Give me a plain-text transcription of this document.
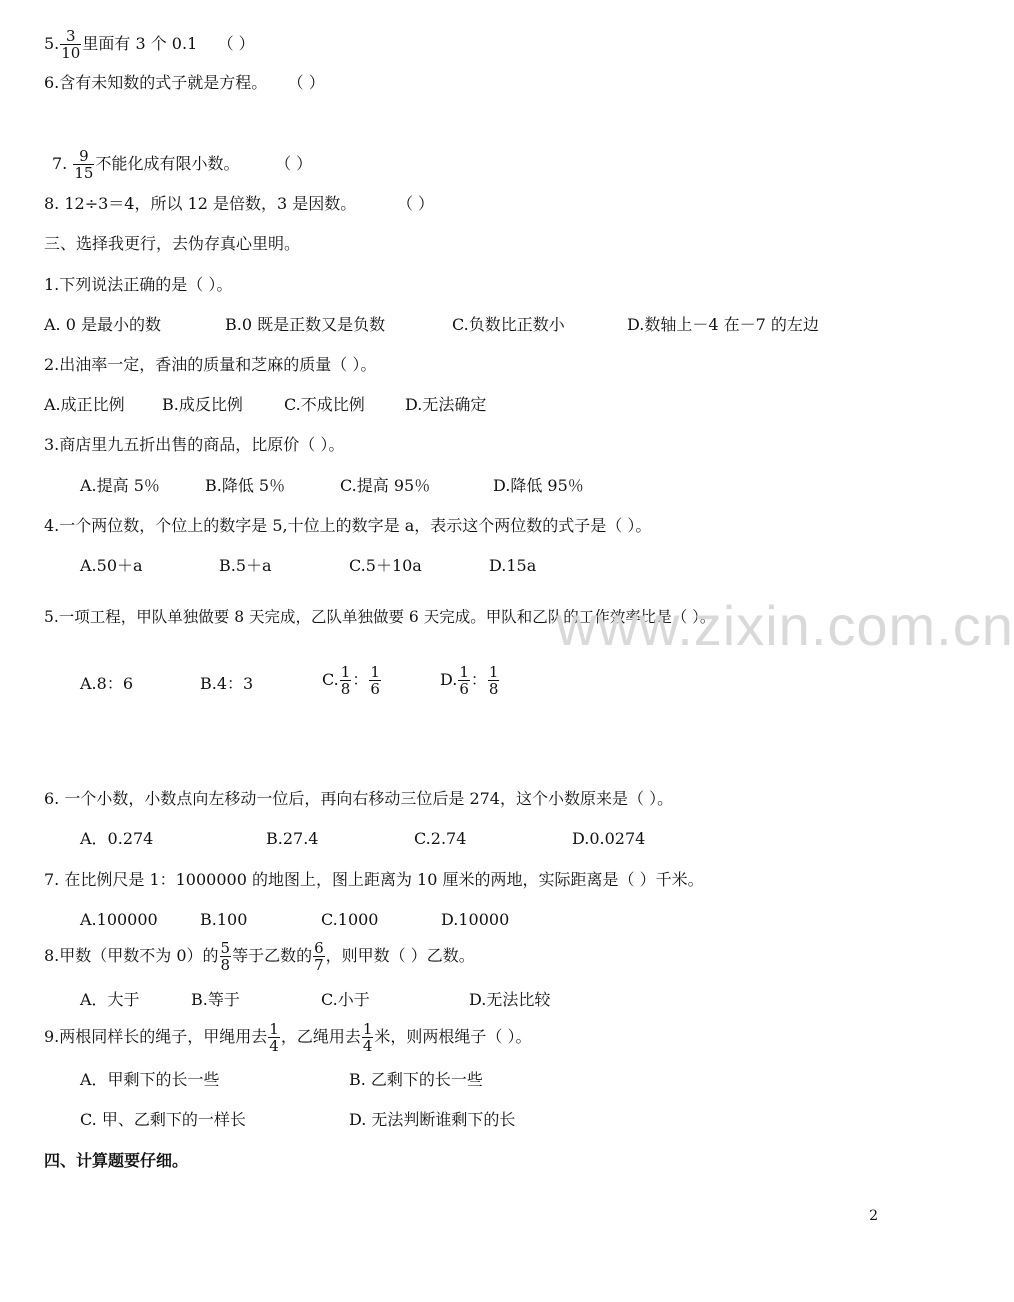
5. $\frac{3}{10}$ 里面有 3 个 0.1 （ ）
6.含有未知数的式子就是方程。 （ ）
7. $\frac{9}{15}$ 不能化成有限小数。 （ ）
8. 12÷3＝4，所以 12 是倍数，3 是因数。	（ ）
三、选择我更行，去伪存真心里明。
1.下列说法正确的是（ ）。
A. 0 是最小的数	B.0 既是正数又是负数	C.负数比正数小	D.数轴上－4 在－7 的左边
2.出油率一定，香油的质量和芝麻的质量（ ）。
A.成正比例 B.成反比例	C.不成比例	D.无法确定
3.商店里九五折出售的商品，比原价（ ）。
A.提高 5％	B.降低 5％	C.提高 95％	D.降低 95％
4.一个两位数，个位上的数字是 5,十位上的数字是 a，表示这个两位数的式子是（ ）。
A.50＋a	B.5＋a	C.5＋10a	D.15a
5.一项工程，甲队单独做要 8 天完成，乙队单独做要 6 天完成。甲队和乙队的工作效率比是（ ）。
www.zixin.com.cn
A.8：6	B.4：3	C. $\frac{1}{8}$ ： $\frac{1}{6}$	D. $\frac{1}{6}$ ： $\frac{1}{8}$
6. 一个小数，小数点向左移动一位后，再向右移动三位后是 274，这个小数原来是（ ）。
A．0.274	B.27.4	C.2.74	D.0.0274
7. 在比例尺是 1：1000000 的地图上，图上距离为 10 厘米的两地，实际距离是（ ）千米。
A.100000	B.100	C.1000	D.10000
8.甲数（甲数不为 0）的 $\frac{5}{8}$ 等于乙数的 $\frac{6}{7}$ ，则甲数（ ）乙数。
A．大于	B.等于	C.小于	D.无法比较
9.两根同样长的绳子，甲绳用去 $\frac{1}{4}$ ，乙绳用去 $\frac{1}{4}$ 米，则两根绳子（ ）。
A．甲剩下的长一些	B. 乙剩下的长一些
C. 甲、乙剩下的一样长	D. 无法判断谁剩下的长
四、计算题要仔细。
2
